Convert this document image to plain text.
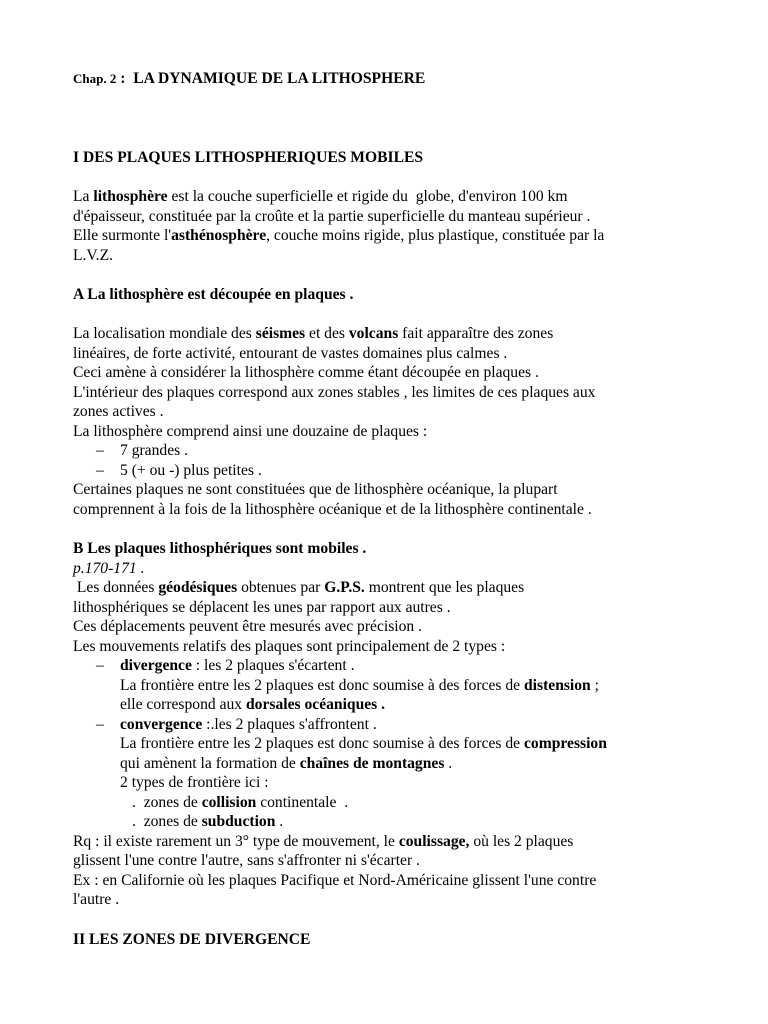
Chap. 2 :  LA DYNAMIQUE DE LA LITHOSPHERE
I DES PLAQUES LITHOSPHERIQUES MOBILES
La lithosphère est la couche superficielle et rigide du  globe, d'environ 100 km
d'épaisseur, constituée par la croûte et la partie superficielle du manteau supérieur .
Elle surmonte l'asthénosphère, couche moins rigide, plus plastique, constituée par la
L.V.Z.
A La lithosphère est découpée en plaques .
La localisation mondiale des séismes et des volcans fait apparaître des zones
linéaires, de forte activité, entourant de vastes domaines plus calmes .
Ceci amène à considérer la lithosphère comme étant découpée en plaques .
L'intérieur des plaques correspond aux zones stables , les limites de ces plaques aux
zones actives .
La lithosphère comprend ainsi une douzaine de plaques :
– 7 grandes .
– 5 (+ ou -) plus petites .
Certaines plaques ne sont constituées que de lithosphère océanique, la plupart
comprennent à la fois de la lithosphère océanique et de la lithosphère continentale .
B Les plaques lithosphériques sont mobiles .
p.170-171 .
Les données géodésiques obtenues par G.P.S. montrent que les plaques
lithosphériques se déplacent les unes par rapport aux autres .
Ces déplacements peuvent être mesurés avec précision .
Les mouvements relatifs des plaques sont principalement de 2 types :
– divergence : les 2 plaques s'écartent .
La frontière entre les 2 plaques est donc soumise à des forces de distension ;
elle correspond aux dorsales océaniques .
– convergence :.les 2 plaques s'affrontent .
La frontière entre les 2 plaques est donc soumise à des forces de compression
qui amènent la formation de chaînes de montagnes .
2 types de frontière ici :
.  zones de collision continentale  .
.  zones de subduction .
Rq : il existe rarement un 3° type de mouvement, le coulissage, où les 2 plaques
glissent l'une contre l'autre, sans s'affronter ni s'écarter .
Ex : en Californie où les plaques Pacifique et Nord-Américaine glissent l'une contre
l'autre .
II LES ZONES DE DIVERGENCE
